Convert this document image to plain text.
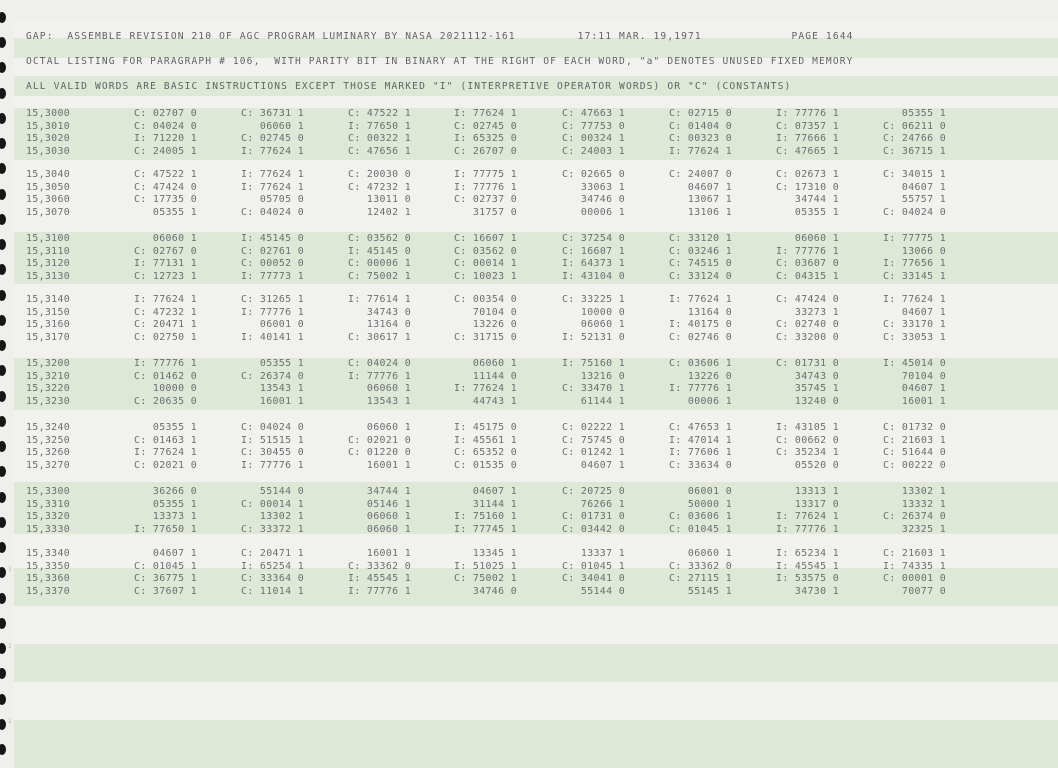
3
2
1
GAP:  ASSEMBLE REVISION 210 OF AGC PROGRAM LUMINARY BY NASA 2021112-161         17:11 MAR. 19,1971             PAGE 1644
OCTAL LISTING FOR PARAGRAPH # 106,  WITH PARITY BIT IN BINARY AT THE RIGHT OF EACH WORD, "a" DENOTES UNUSED FIXED MEMORY
ALL VALID WORDS ARE BASIC INSTRUCTIONS EXCEPT THOSE MARKED "I" (INTERPRETIVE OPERATOR WORDS) OR "C" (CONSTANTS)
15,3000	C: 02707 0	C: 36731 1	C: 47522 1	I: 77624 1	C: 47663 1	C: 02715 0	I: 77776 1	05355 1
15,3010	C: 04024 0	06060 1	I: 77650 1	C: 02745 0	C: 77753 0	C: 01404 0	C: 07357 1	C: 06211 0
15,3020	I: 71220 1	C: 02745 0	C: 00322 1	I: 65325 0	C: 00324 1	C: 00323 0	I: 77666 1	C: 24766 0
15,3030	C: 24005 1	I: 77624 1	C: 47656 1	C: 26707 0	C: 24003 1	I: 77624 1	C: 47665 1	C: 36715 1
15,3040	C: 47522 1	I: 77624 1	C: 20030 0	I: 77775 1	C: 02665 0	C: 24007 0	C: 02673 1	C: 34015 1
15,3050	C: 47424 0	I: 77624 1	C: 47232 1	I: 77776 1	33063 1	04607 1	C: 17310 0	04607 1
15,3060	C: 17735 0	05705 0	13011 0	C: 02737 0	34746 0	13067 1	34744 1	55757 1
15,3070	05355 1	C: 04024 0	12402 1	31757 0	00006 1	13106 1	05355 1	C: 04024 0
15,3100	06060 1	I: 45145 0	C: 03562 0	C: 16607 1	C: 37254 0	C: 33120 1	06060 1	I: 77775 1
15,3110	C: 02767 0	C: 02761 0	I: 45145 0	C: 03562 0	C: 16607 1	C: 03246 1	I: 77776 1	13066 0
15,3120	I: 77131 1	C: 00052 0	C: 00006 1	C: 00014 1	I: 64373 1	C: 74515 0	C: 03607 0	I: 77656 1
15,3130	C: 12723 1	I: 77773 1	C: 75002 1	C: 10023 1	I: 43104 0	C: 33124 0	C: 04315 1	C: 33145 1
15,3140	I: 77624 1	C: 31265 1	I: 77614 1	C: 00354 0	C: 33225 1	I: 77624 1	C: 47424 0	I: 77624 1
15,3150	C: 47232 1	I: 77776 1	34743 0	70104 0	10000 0	13164 0	33273 1	04607 1
15,3160	C: 20471 1	06001 0	13164 0	13226 0	06060 1	I: 40175 0	C: 02740 0	C: 33170 1
15,3170	C: 02750 1	I: 40141 1	C: 30617 1	C: 31715 0	I: 52131 0	C: 02746 0	C: 33200 0	C: 33053 1
15,3200	I: 77776 1	05355 1	C: 04024 0	06060 1	I: 75160 1	C: 03606 1	C: 01731 0	I: 45014 0
15,3210	C: 01462 0	C: 26374 0	I: 77776 1	11144 0	13216 0	13226 0	34743 0	70104 0
15,3220	10000 0	13543 1	06060 1	I: 77624 1	C: 33470 1	I: 77776 1	35745 1	04607 1
15,3230	C: 20635 0	16001 1	13543 1	44743 1	61144 1	00006 1	13240 0	16001 1
15,3240	05355 1	C: 04024 0	06060 1	I: 45175 0	C: 02222 1	C: 47653 1	I: 43105 1	C: 01732 0
15,3250	C: 01463 1	I: 51515 1	C: 02021 0	I: 45561 1	C: 75745 0	I: 47014 1	C: 00662 0	C: 21603 1
15,3260	I: 77624 1	C: 30455 0	C: 01220 0	C: 65352 0	C: 01242 1	I: 77606 1	C: 35234 1	C: 51644 0
15,3270	C: 02021 0	I: 77776 1	16001 1	C: 01535 0	04607 1	C: 33634 0	05520 0	C: 00222 0
15,3300	36266 0	55144 0	34744 1	04607 1	C: 20725 0	06001 0	13313 1	13302 1
15,3310	05355 1	C: 00014 1	05146 1	31144 1	76266 1	50000 1	13317 0	13332 1
15,3320	13373 1	13302 1	06060 1	I: 75160 1	C: 01731 0	C: 03606 1	I: 77624 1	C: 26374 0
15,3330	I: 77650 1	C: 33372 1	06060 1	I: 77745 1	C: 03442 0	C: 01045 1	I: 77776 1	32325 1
15,3340	04607 1	C: 20471 1	16001 1	13345 1	13337 1	06060 1	I: 65234 1	C: 21603 1
15,3350	C: 01045 1	I: 65254 1	C: 33362 0	I: 51025 1	C: 01045 1	C: 33362 0	I: 45545 1	I: 74335 1
15,3360	C: 36775 1	C: 33364 0	I: 45545 1	C: 75002 1	C: 34041 0	C: 27115 1	I: 53575 0	C: 00001 0
15,3370	C: 37607 1	C: 11014 1	I: 77776 1	34746 0	55144 0	55145 1	34730 1	70077 0
